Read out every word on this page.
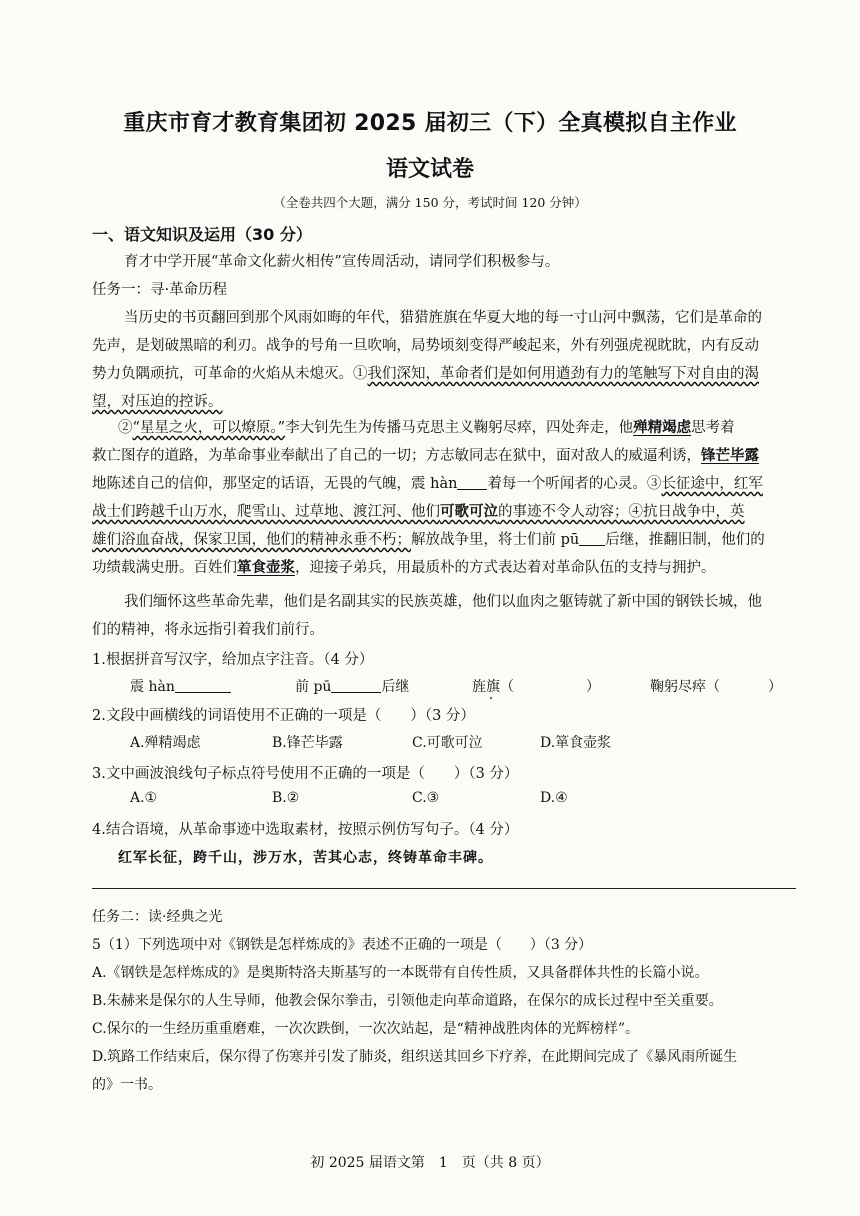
重庆市育才教育集团初 2025 届初三（下）全真模拟自主作业
语文试卷
（全卷共四个大题，满分 150 分，考试时间 120 分钟）
一、语文知识及运用（30 分）
育才中学开展“革命文化薪火相传”宣传周活动，请同学们积极参与。
任务一：寻·革命历程
当历史的书页翻回到那个风雨如晦的年代，猎猎旌旗在华夏大地的每一寸山河中飘荡，它们是革命的
先声，是划破黑暗的利刃。战争的号角一旦吹响，局势顷刻变得严峻起来，外有列强虎视眈眈，内有反动
势力负隅顽抗，可革命的火焰从未熄灭。①我们深知，革命者们是如何用遒劲有力的笔触写下对自由的渴
望，对压迫的控诉。
②“星星之火，可以燎原。”李大钊先生为传播马克思主义鞠躬尽瘁，四处奔走，他殚精竭虑思考着
救亡图存的道路，为革命事业奉献出了自己的一切；方志敏同志在狱中，面对敌人的威逼利诱，锋芒毕露
地陈述自己的信仰，那坚定的话语，无畏的气魄，震 hàn 着每一个听闻者的心灵。③长征途中，红军
战士们跨越千山万水，爬雪山、过草地、渡江河、他们可歌可泣的事迹不令人动容；④抗日战争中，英
雄们浴血奋战，保家卫国，他们的精神永垂不朽；解放战争里，将士们前 pū 后继，推翻旧制，他们的
功绩载满史册。百姓们箪食壶浆，迎接子弟兵，用最质朴的方式表达着对革命队伍的支持与拥护。
我们缅怀这些革命先辈，他们是名副其实的民族英雄，他们以血肉之躯铸就了新中国的钢铁长城，他
们的精神，将永远指引着我们前行。
1.根据拼音写汉字，给加点字注音。（4 分）
震 hàn	前 pū	后继	旌旗（ ·	）	鞠躬尽瘁（	）
2.文段中画横线的词语使用不正确的一项是（　　）（3 分）
A.殚精竭虑	B.锋芒毕露	C.可歌可泣	D.箪食壶浆
3.文中画波浪线句子标点符号使用不正确的一项是（　　）（3 分）
A.①	B.②	C.③	D.④
4.结合语境，从革命事迹中选取素材，按照示例仿写句子。（4 分）
红军长征，跨千山，涉万水，苦其心志，终铸革命丰碑。
任务二：读·经典之光
5（1）下列选项中对《钢铁是怎样炼成的》表述不正确的一项是（　　）（3 分）
A.《钢铁是怎样炼成的》是奥斯特洛夫斯基写的一本既带有自传性质，又具备群体共性的长篇小说。
B.朱赫来是保尔的人生导师，他教会保尔拳击，引领他走向革命道路，在保尔的成长过程中至关重要。
C.保尔的一生经历重重磨难，一次次跌倒，一次次站起，是“精神战胜肉体的光辉榜样”。
D.筑路工作结束后，保尔得了伤寒并引发了肺炎，组织送其回乡下疗养，在此期间完成了《暴风雨所诞生
的》一书。
初 2025 届语文第　1　页（共 8 页）
